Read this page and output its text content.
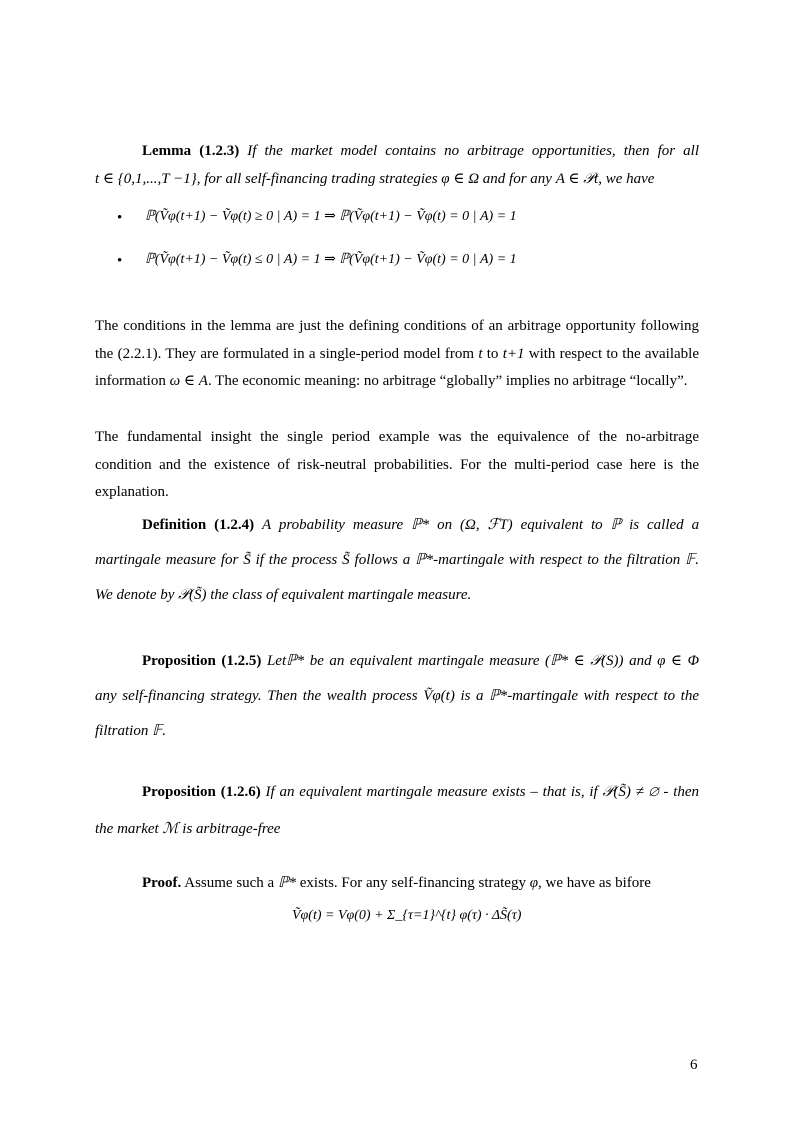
Lemma (1.2.3) If the market model contains no arbitrage opportunities, then for all
t ∈ {0,1,...,T −1}, for all self-financing trading strategies φ ∈ Ω and for any A ∈ 𝒫t, we have
• ℙ(Ṽφ(t+1) − Ṽφ(t) ≥ 0 | A) = 1 ⇒ ℙ(Ṽφ(t+1) − Ṽφ(t) = 0 | A) = 1
• ℙ(Ṽφ(t+1) − Ṽφ(t) ≤ 0 | A) = 1 ⇒ ℙ(Ṽφ(t+1) − Ṽφ(t) = 0 | A) = 1
The conditions in the lemma are just the defining conditions of an arbitrage opportunity following the (2.2.1). They are formulated in a single-period model from t to t+1 with respect to the available information ω ∈ A. The economic meaning: no arbitrage “globally” implies no arbitrage “locally”.
The fundamental insight the single period example was the equivalence of the no-arbitrage condition and the existence of risk-neutral probabilities. For the multi-period case here is the explanation.
Definition (1.2.4) A probability measure ℙ* on (Ω, ℱT) equivalent to ℙ is called a martingale measure for S̃ if the process S̃ follows a ℙ*-martingale with respect to the filtration 𝔽. We denote by 𝒫(S̃) the class of equivalent martingale measure.
Proposition (1.2.5) Letℙ* be an equivalent martingale measure (ℙ* ∈ 𝒫(S)) and φ ∈ Φ any self-financing strategy. Then the wealth process Ṽφ(t) is a ℙ*-martingale with respect to the filtration 𝔽.
Proposition (1.2.6) If an equivalent martingale measure exists – that is, if 𝒫(S̃) ≠ ∅ - then the market ℳ is arbitrage-free
Proof. Assume such a ℙ* exists. For any self-financing strategy φ, we have as bifore
Ṽφ(t) = Vφ(0) + Σ_{τ=1}^{t} φ(τ) · ΔS̃(τ)
6
